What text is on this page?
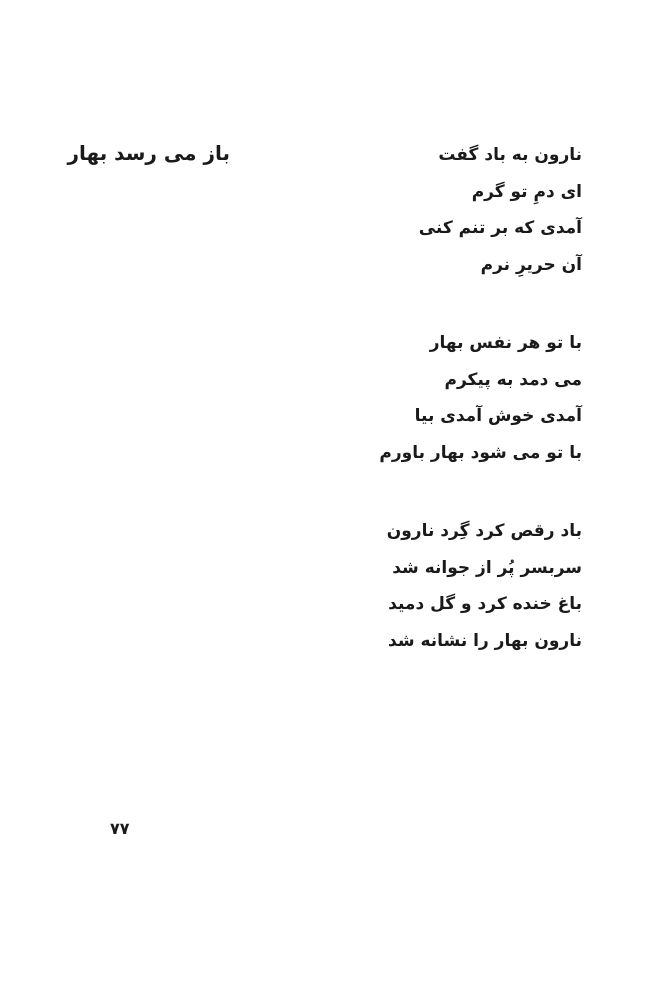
باز می رسد بهار	نارون به باد گفت
ای دمِ تو گرم
آمدی که بر تنم کنی
آن حریرِ نرم
با تو هر نفس بهار
می دمد به پیکرم
آمدی خوش آمدی بیا
با تو می شود بهار باورم
باد رقص کرد گِرد نارون
سربسر پُر از جوانه شد
باغ خنده کرد و گل دمید
نارون بهار را نشانه شد
۷۷
